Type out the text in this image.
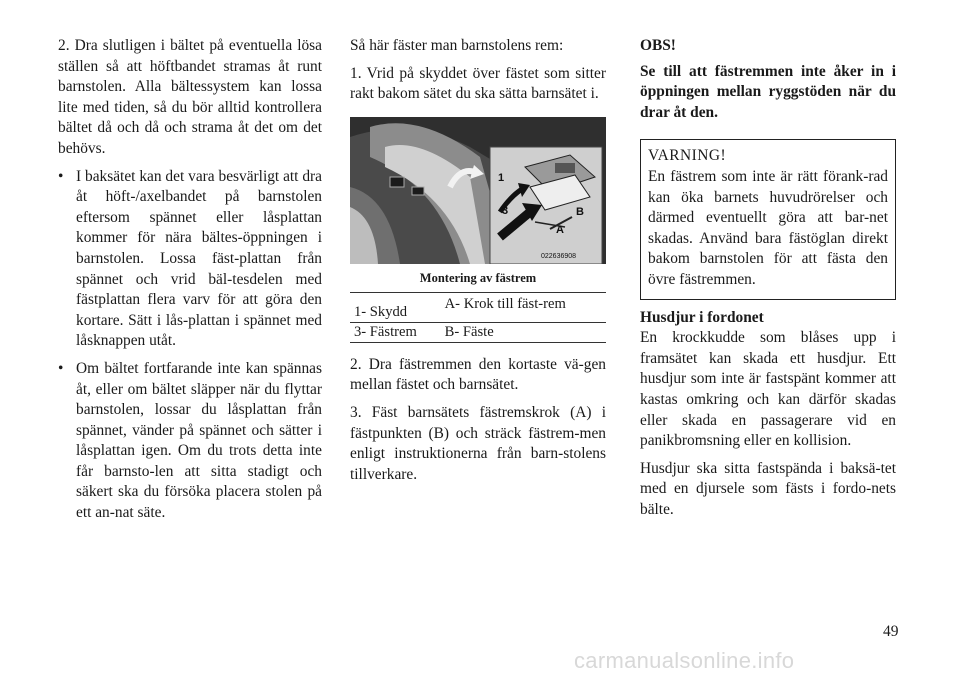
2. Dra slutligen i bältet på eventuella lösa ställen så att höftbandet stramas åt runt barnstolen. Alla bältessystem kan lossa lite med tiden, så du bör alltid kontrollera bältet då och då och strama åt det om det behövs.

• I baksätet kan det vara besvärligt att dra åt höft-/axelbandet på barnstolen eftersom spännet eller låsplattan kommer för nära bältes-öppningen i barnstolen. Lossa fäst-plattan från spännet och vrid bäl-tesdelen med fästplattan flera varv för att göra den kortare. Sätt i lås-plattan i spännet med låsknappen utåt.
• Om bältet fortfarande inte kan spännas åt, eller om bältet släpper när du flyttar barnstolen, lossar du låsplattan från spännet, vänder på spännet och sätter i låsplattan igen. Om du trots detta inte får barnsto-len att sitta stadigt och säkert ska du försöka placera stolen på ett an-nat säte.

Så här fäster man barnstolens rem:

1. Vrid på skyddet över fästet som sitter rakt bakom sätet du ska sätta barnsätet i.

1
3	B
A
022636908
Montering av fästrem
1- Skydd	A- Krok till fäst-rem
3- Fästrem	B- Fäste

2. Dra fästremmen den kortaste vä-gen mellan fästet och barnsätet.

3. Fäst barnsätets fästremskrok (A) i fästpunkten (B) och sträck fästrem-men enligt instruktionerna från barn-stolens tillverkare.

OBS!

Se till att fästremmen inte åker in i öppningen mellan ryggstöden när du drar åt den.

VARNING!

En fästrem som inte är rätt förank-rad kan öka barnets huvudrörelser och därmed eventuellt göra att bar-net skadas. Använd bara fästöglan direkt bakom barnstolen för att fästa den övre fästremmen.

Husdjur i fordonet

En krockkudde som blåses upp i framsätet kan skada ett husdjur. Ett husdjur som inte är fastspänt kommer att kastas omkring och kan därför skadas eller skada en passagerare vid en panikbromsning eller en kollision.

Husdjur ska sitta fastspända i baksä-tet med en djursele som fästs i fordo-nets bälte.

49
carmanualsonline.info
